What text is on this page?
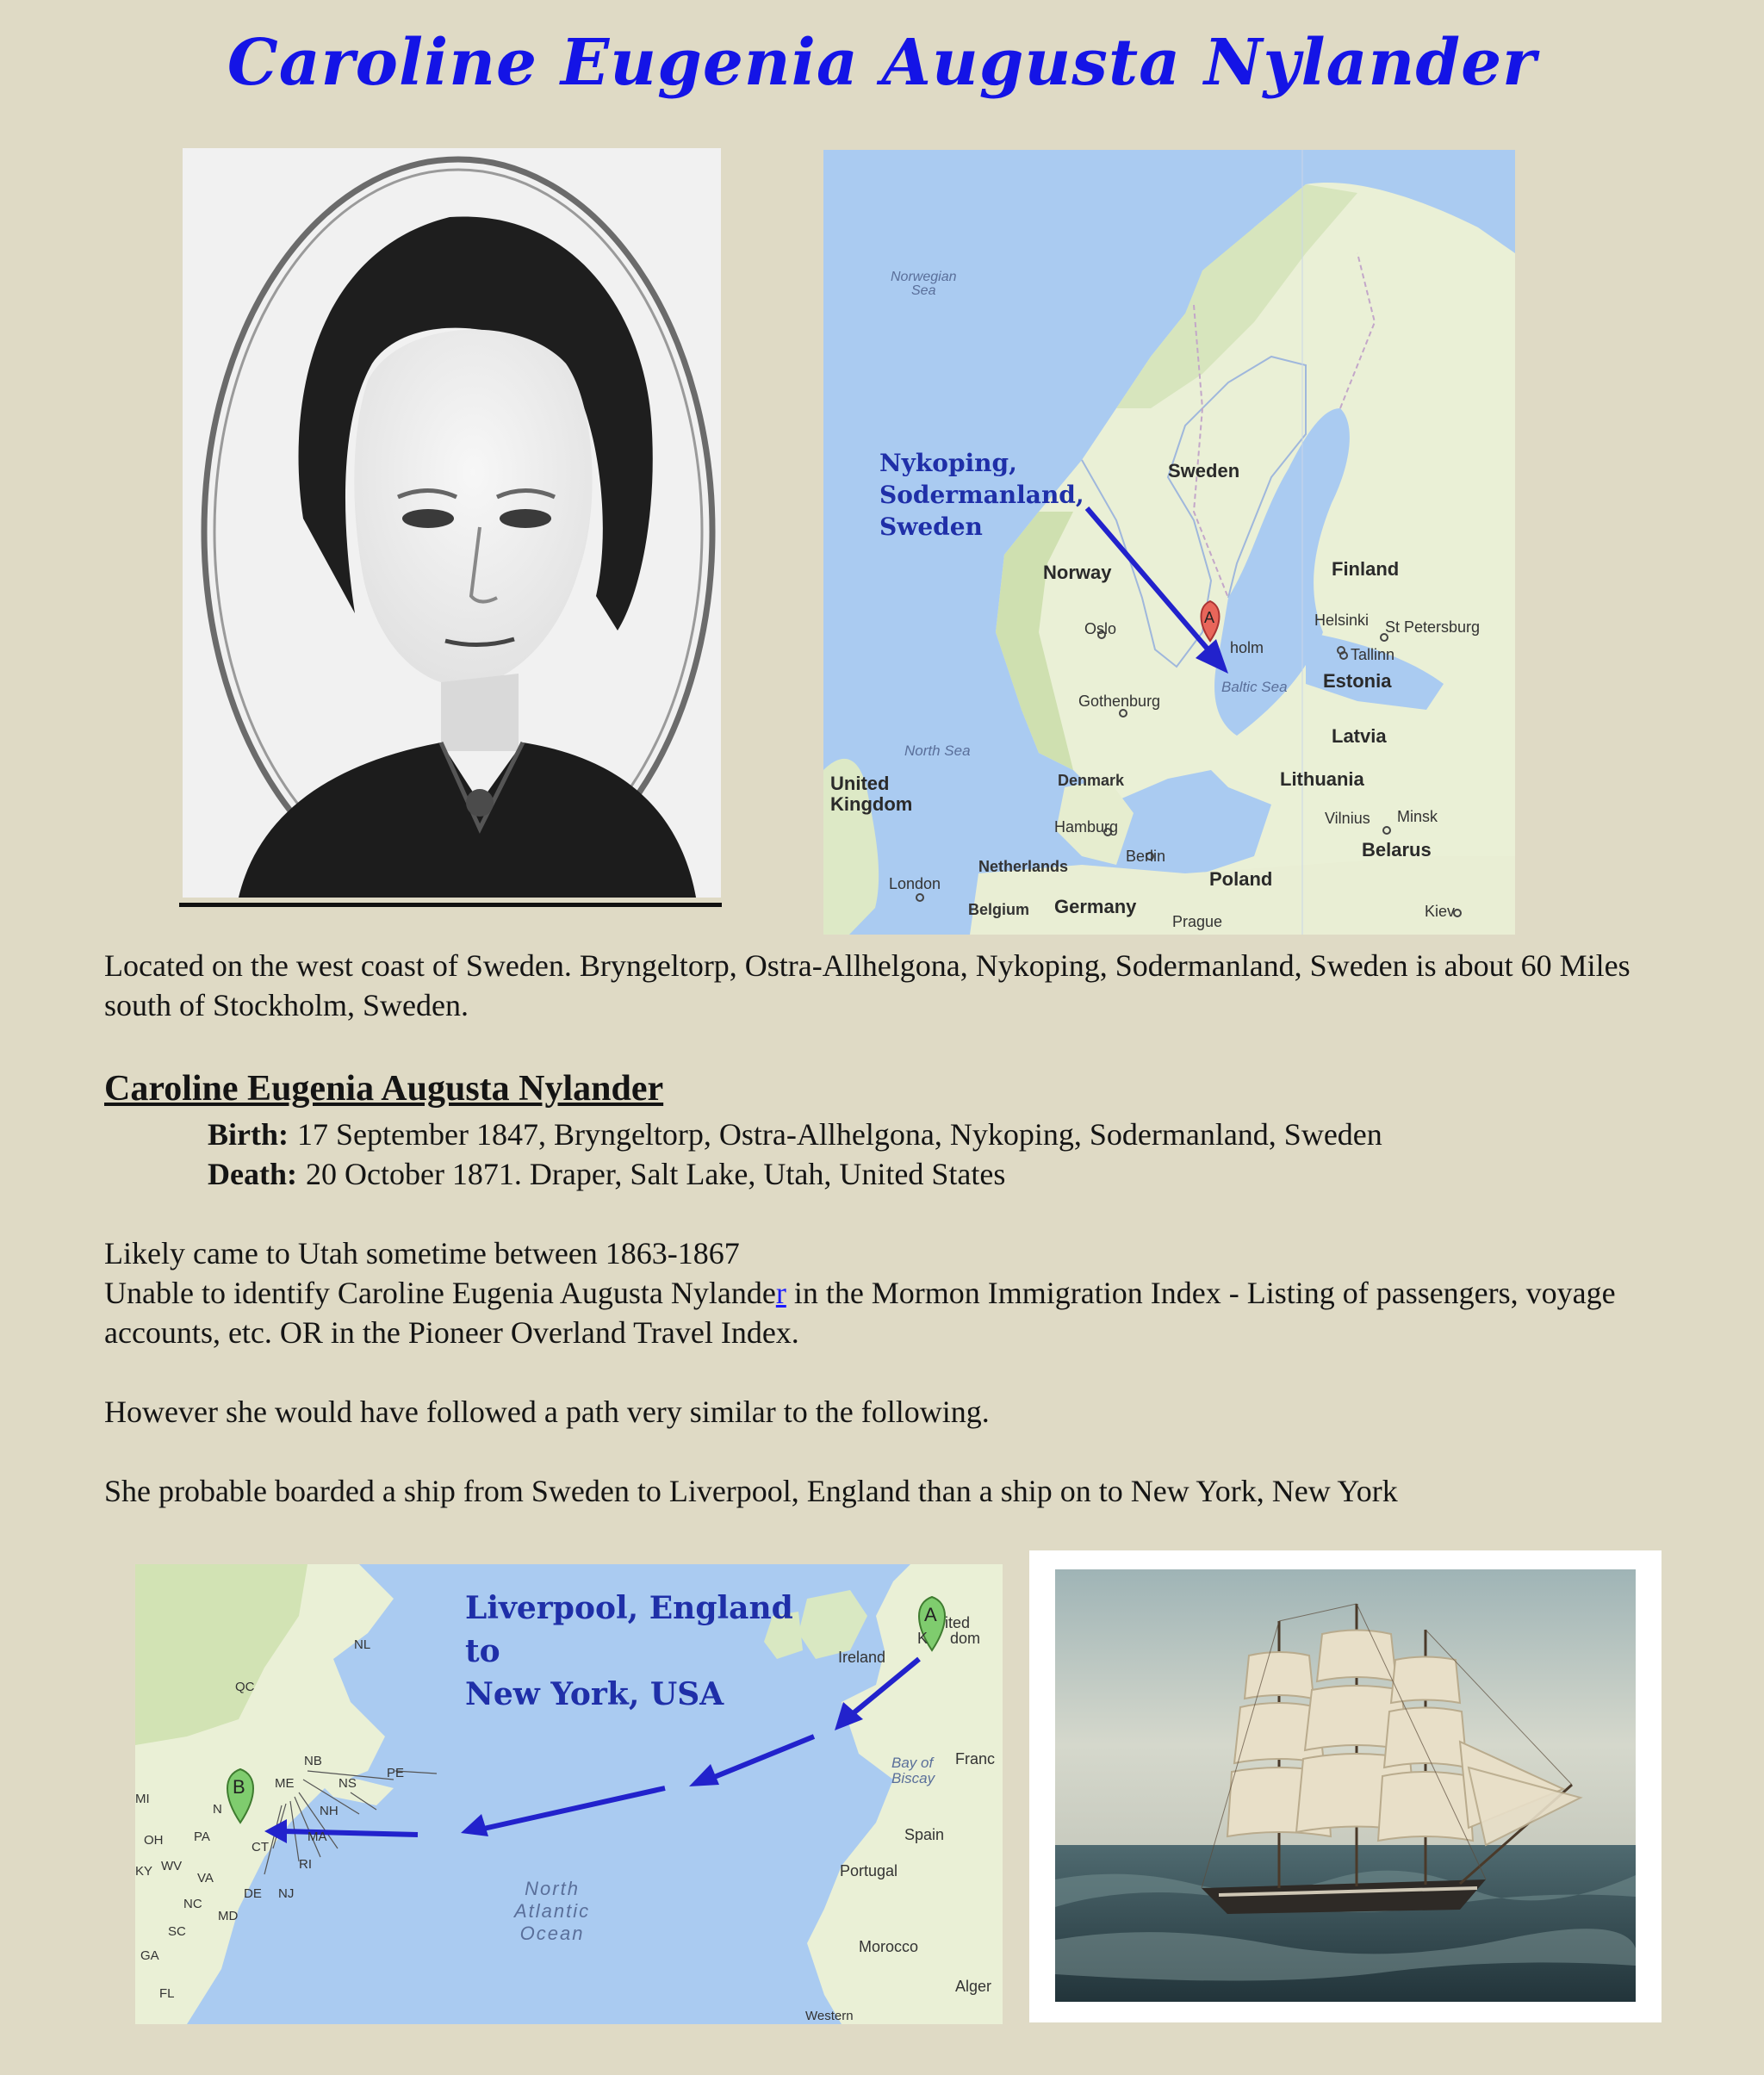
Caroline Eugenia Augusta Nylander
A
Norwegian
Sea
Nykoping,
Sodermanland,
Sweden
Sweden
Norway	Finland
Oslo	Helsinki St Petersburg
Tallinn
holm
Baltic Sea Estonia
Gothenburg
Latvia
North Sea
United
Kingdom
Denmark	Lithuania
Vilnius Minsk
Hamburg
Belarus
Berlin
Netherlands
London	Poland
Germany
Belgium
Prague
Kiev
Located on the west coast of Sweden. Bryngeltorp, Ostra-Allhelgona, Nykoping, Sodermanland, Sweden is about 60 Miles south of Stockholm, Sweden.
Caroline Eugenia Augusta Nylander
Birth: 17 September 1847, Bryngeltorp, Ostra-Allhelgona, Nykoping, Sodermanland, Sweden
Death: 20 October 1871. Draper, Salt Lake, Utah, United States
Likely came to Utah sometime between 1863-1867
Unable to identify Caroline Eugenia Augusta Nylander in the Mormon Immigration Index - Listing of passengers, voyage accounts, etc. OR in the Pioneer Overland Travel Index.
However she would have followed a path very similar to the following.
She probable boarded a ship from Sweden to Liverpool, England than a ship on to New York, New York
A
B
Liverpool, England
to
New York, USA
NL
QC
NB
NS
PE
ME
NH
MI
N
OH PA	MA
CT
RI
KY WV
VA
DE NJ
NC
MD
SC
GA
FL
Ireland
ited
K dom
Bay of
Biscay
Franc
Spain
Portugal
North
Atlantic
Ocean
Morocco
Alger
Western
